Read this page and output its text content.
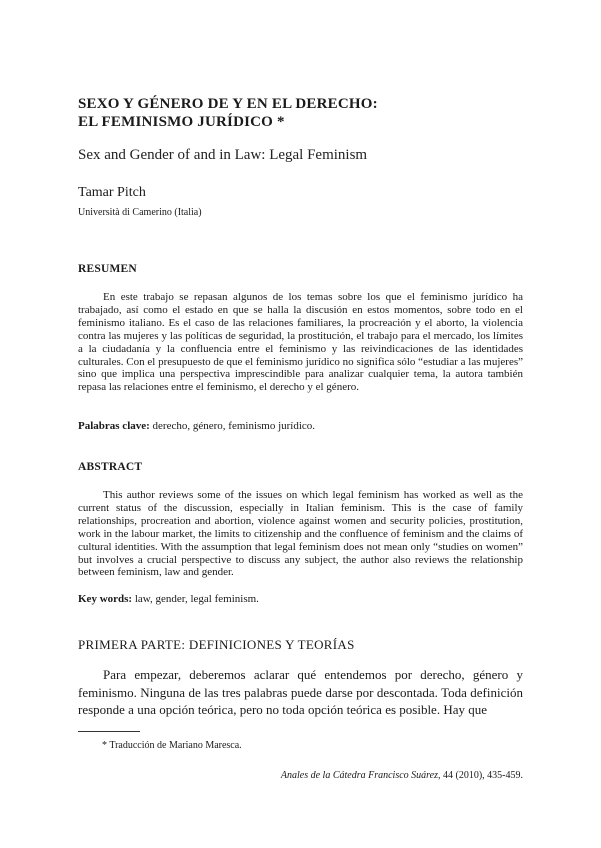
SEXO Y GÉNERO DE Y EN EL DERECHO:
EL FEMINISMO JURÍDICO *
Sex and Gender of and in Law: Legal Feminism
Tamar Pitch
Università di Camerino (Italia)
RESUMEN
En este trabajo se repasan algunos de los temas sobre los que el feminismo jurídico ha trabajado, así como el estado en que se halla la discusión en estos momentos, sobre todo en el feminismo italiano. Es el caso de las relaciones familiares, la procreación y el aborto, la violencia contra las mujeres y las políticas de seguridad, la prostitución, el trabajo para el mercado, los límites a la ciudadanía y la confluencia entre el feminismo y las reivindicaciones de las identidades culturales. Con el presupuesto de que el feminismo jurídico no significa sólo “estudiar a las mujeres” sino que implica una perspectiva imprescindible para analizar cualquier tema, la autora también repasa las relaciones entre el feminismo, el derecho y el género.
Palabras clave: derecho, género, feminismo jurídico.
ABSTRACT
This author reviews some of the issues on which legal feminism has worked as well as the current status of the discussion, especially in Italian feminism. This is the case of family relationships, procreation and abortion, violence against women and security policies, prostitution, work in the labour market, the limits to citizenship and the confluence of feminism and the claims of cultural identities. With the assumption that legal feminism does not mean only “studies on women” but involves a crucial perspective to discuss any subject, the author also reviews the relationship between feminism, law and gender.
Key words: law, gender, legal feminism.
PRIMERA PARTE: DEFINICIONES Y TEORÍAS
Para empezar, deberemos aclarar qué entendemos por derecho, género y feminismo. Ninguna de las tres palabras puede darse por descontada. Toda definición responde a una opción teórica, pero no toda opción teórica es posible. Hay que
* Traducción de Mariano Maresca.
Anales de la Cátedra Francisco Suárez, 44 (2010), 435-459.
